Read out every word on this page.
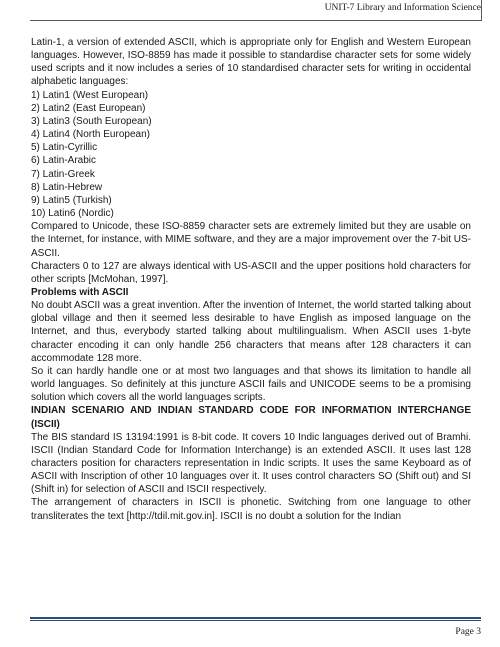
UNIT-7 Library and Information Science

Latin-1, a version of extended ASCII, which is appropriate only for English and Western European languages. However, ISO-8859 has made it possible to standardise character sets for some widely used scripts and it now includes a series of 10 standardised character sets for writing in occidental alphabetic languages:

1) Latin1 (West European)

2) Latin2 (East European)

3) Latin3 (South European)

4) Latin4 (North European)

5) Latin-Cyrillic

6) Latin-Arabic

7) Latin-Greek

8) Latin-Hebrew

9) Latin5 (Turkish)

10) Latin6 (Nordic)

Compared to Unicode, these ISO-8859 character sets are extremely limited but they are usable on the Internet, for instance, with MIME software, and they are a major improvement over the 7-bit US-ASCII.

Characters 0 to 127 are always identical with US-ASCII and the upper positions hold characters for other scripts [McMohan, 1997].

Problems with ASCII

No doubt ASCII was a great invention. After the invention of Internet, the world started talking about global village and then it seemed less desirable to have English as imposed language on the Internet, and thus, everybody started talking about multilingualism. When ASCII uses 1-byte character encoding it can only handle 256 characters that means after 128 characters it can accommodate 128 more.

So it can hardly handle one or at most two languages and that shows its limitation to handle all world languages. So definitely at this juncture ASCII fails and UNICODE seems to be a promising solution which covers all the world languages scripts.

INDIAN SCENARIO AND INDIAN STANDARD CODE FOR INFORMATION INTERCHANGE (ISCII)

The BIS standard IS 13194:1991 is 8-bit code. It covers 10 Indic languages derived out of Bramhi. ISCII (Indian Standard Code for Information Interchange) is an extended ASCII. It uses last 128 characters position for characters representation in Indic scripts. It uses the same Keyboard as of ASCII with Inscription of other 10 languages over it. It uses control characters SO (Shift out) and SI (Shift in) for selection of ASCII and ISCII respectively.

The arrangement of characters in ISCII is phonetic. Switching from one language to other transliterates the text [http://tdil.mit.gov.in]. ISCII is no doubt a solution for the Indian

Page 3
